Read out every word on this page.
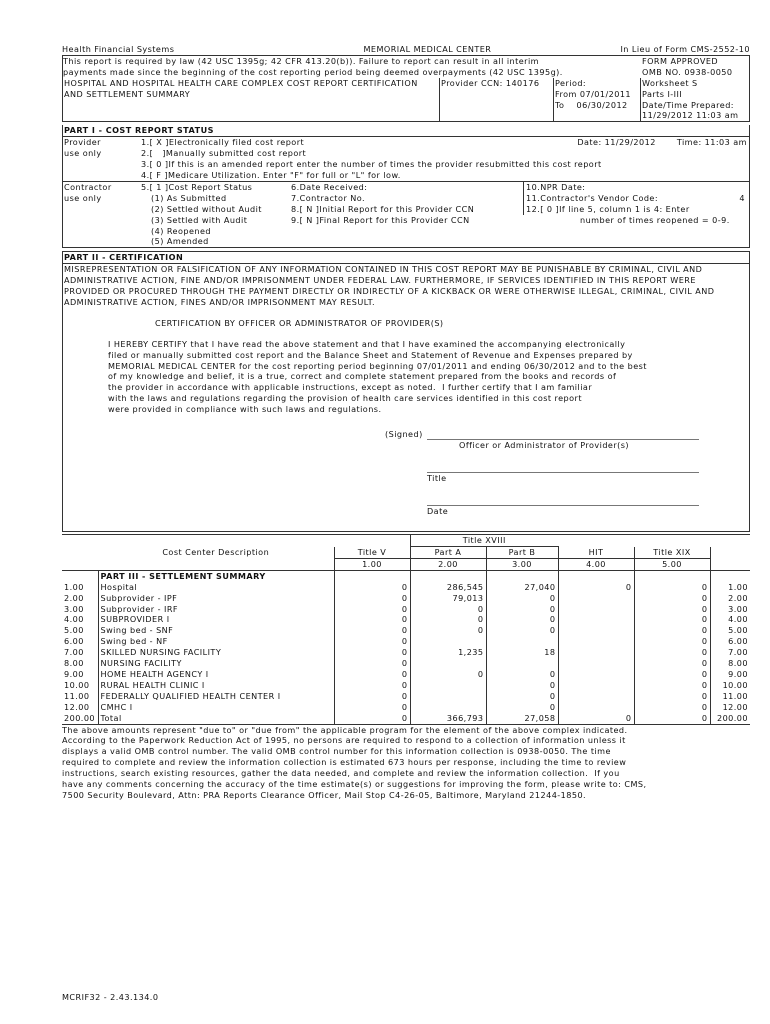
Health Financial Systems	MEMORIAL MEDICAL CENTER	In Lieu of Form CMS-2552-10
This report is required by law (42 USC 1395g; 42 CFR 413.20(b)). Failure to report can result in all interim
payments made since the beginning of the cost reporting period being deemed overpayments (42 USC 1395g).
FORM APPROVED
OMB NO. 0938-0050
HOSPITAL AND HOSPITAL HEALTH CARE COMPLEX COST REPORT CERTIFICATION
AND SETTLEMENT SUMMARY
Provider CCN: 140176	Period:
From 07/01/2011
To    06/30/2012
Worksheet S
Parts I-III
Date/Time Prepared:
11/29/2012 11:03 am
PART I - COST REPORT STATUS
Provider
use only
1.[ X ]Electronically filed cost report	Date: 11/29/2012	Time: 11:03 am
2.[   ]Manually submitted cost report
3.[ 0 ]If this is an amended report enter the number of times the provider resubmitted this cost report
4.[ F ]Medicare Utilization. Enter "F" for full or "L" for low.
Contractor
use only
5.[ 1 ]Cost Report Status
(1) As Submitted
(2) Settled without Audit
(3) Settled with Audit
(4) Reopened
(5) Amended
6.Date Received:
7.Contractor No.
8.[ N ]Initial Report for this Provider CCN
9.[ N ]Final Report for this Provider CCN
10.NPR Date:
11.Contractor's Vendor Code:	4
12.[ 0 ]If line 5, column 1 is 4: Enter
number of times reopened = 0-9.
PART II - CERTIFICATION
MISREPRESENTATION OR FALSIFICATION OF ANY INFORMATION CONTAINED IN THIS COST REPORT MAY BE PUNISHABLE BY CRIMINAL, CIVIL AND
ADMINISTRATIVE ACTION, FINE AND/OR IMPRISONMENT UNDER FEDERAL LAW. FURTHERMORE, IF SERVICES IDENTIFIED IN THIS REPORT WERE
PROVIDED OR PROCURED THROUGH THE PAYMENT DIRECTLY OR INDIRECTLY OF A KICKBACK OR WERE OTHERWISE ILLEGAL, CRIMINAL, CIVIL AND
ADMINISTRATIVE ACTION, FINES AND/OR IMPRISONMENT MAY RESULT.
CERTIFICATION BY OFFICER OR ADMINISTRATOR OF PROVIDER(S)
I HEREBY CERTIFY that I have read the above statement and that I have examined the accompanying electronically
filed or manually submitted cost report and the Balance Sheet and Statement of Revenue and Expenses prepared by
MEMORIAL MEDICAL CENTER for the cost reporting period beginning 07/01/2011 and ending 06/30/2012 and to the best
of my knowledge and belief, it is a true, correct and complete statement prepared from the books and records of
the provider in accordance with applicable instructions, except as noted.  I further certify that I am familiar
with the laws and regulations regarding the provision of health care services identified in this cost report
were provided in compliance with such laws and regulations.
(Signed)
Officer or Administrator of Provider(s)
Title
Date
			Title XVIII				
	Cost Center Description	Title V	Part A	Part B	HIT	Title XIX	
		1.00	2.00	3.00	4.00	5.00	
	PART III - SETTLEMENT SUMMARY						
1.00	Hospital	0	286,545	27,040	0	0	1.00
2.00	Subprovider - IPF	0	79,013	0		0	2.00
3.00	Subprovider - IRF	0	0	0		0	3.00
4.00	SUBPROVIDER I	0	0	0		0	4.00
5.00	Swing bed - SNF	0	0	0		0	5.00
6.00	Swing bed - NF	0				0	6.00
7.00	SKILLED NURSING FACILITY	0	1,235	18		0	7.00
8.00	NURSING FACILITY	0				0	8.00
9.00	HOME HEALTH AGENCY I	0	0	0		0	9.00
10.00	RURAL HEALTH CLINIC I	0		0		0	10.00
11.00	FEDERALLY QUALIFIED HEALTH CENTER I	0		0		0	11.00
12.00	CMHC I	0		0		0	12.00
200.00	Total	0	366,793	27,058	0	0	200.00
The above amounts represent "due to" or "due from" the applicable program for the element of the above complex indicated.
According to the Paperwork Reduction Act of 1995, no persons are required to respond to a collection of information unless it
displays a valid OMB control number. The valid OMB control number for this information collection is 0938-0050. The time
required to complete and review the information collection is estimated 673 hours per response, including the time to review
instructions, search existing resources, gather the data needed, and complete and review the information collection.  If you
have any comments concerning the accuracy of the time estimate(s) or suggestions for improving the form, please write to: CMS,
7500 Security Boulevard, Attn: PRA Reports Clearance Officer, Mail Stop C4-26-05, Baltimore, Maryland 21244-1850.
MCRIF32 - 2.43.134.0
